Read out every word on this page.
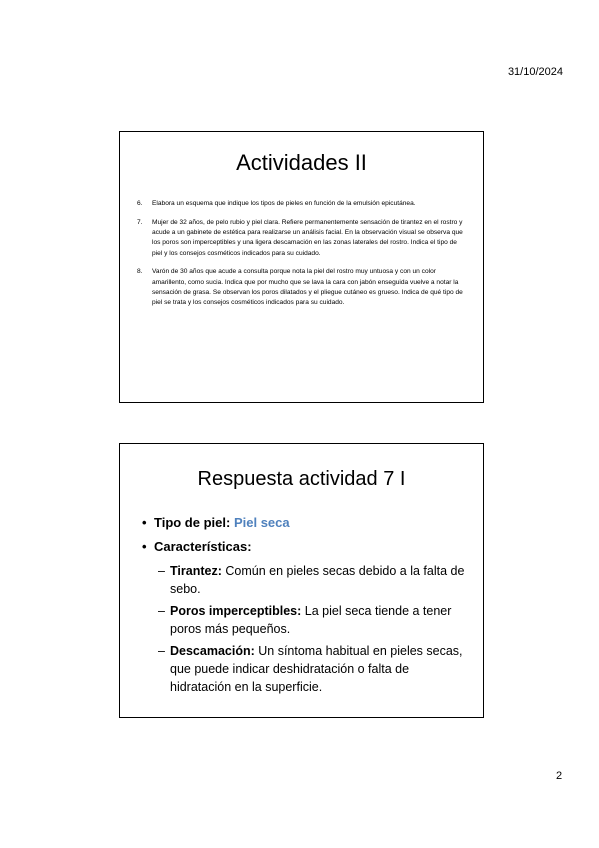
31/10/2024
Actividades II
6.	Elabora un esquema que indique los tipos de pieles en función de la emulsión epicutánea.
7.	Mujer de 32 años, de pelo rubio y piel clara. Refiere permanentemente sensación de tirantez en el rostro y acude a un gabinete de estética para realizarse un análisis facial. En la observación visual se observa que los poros son imperceptibles y una ligera descamación en las zonas laterales del rostro. Indica el tipo de piel y los consejos cosméticos indicados para su cuidado.
8.	Varón de 30 años que acude a consulta porque nota la piel del rostro muy untuosa y con un color amarillento, como sucia. Indica que por mucho que se lava la cara con jabón enseguida vuelve a notar la sensación de grasa. Se observan los poros dilatados y el pliegue cutáneo es grueso. Indica de qué tipo de piel se trata y los consejos cosméticos indicados para su cuidado.
Respuesta actividad 7 I
• Tipo de piel: Piel seca
• Características:
– Tirantez: Común en pieles secas debido a la falta de sebo.
– Poros imperceptibles: La piel seca tiende a tener poros más pequeños.
– Descamación: Un síntoma habitual en pieles secas, que puede indicar deshidratación o falta de hidratación en la superficie.
2
